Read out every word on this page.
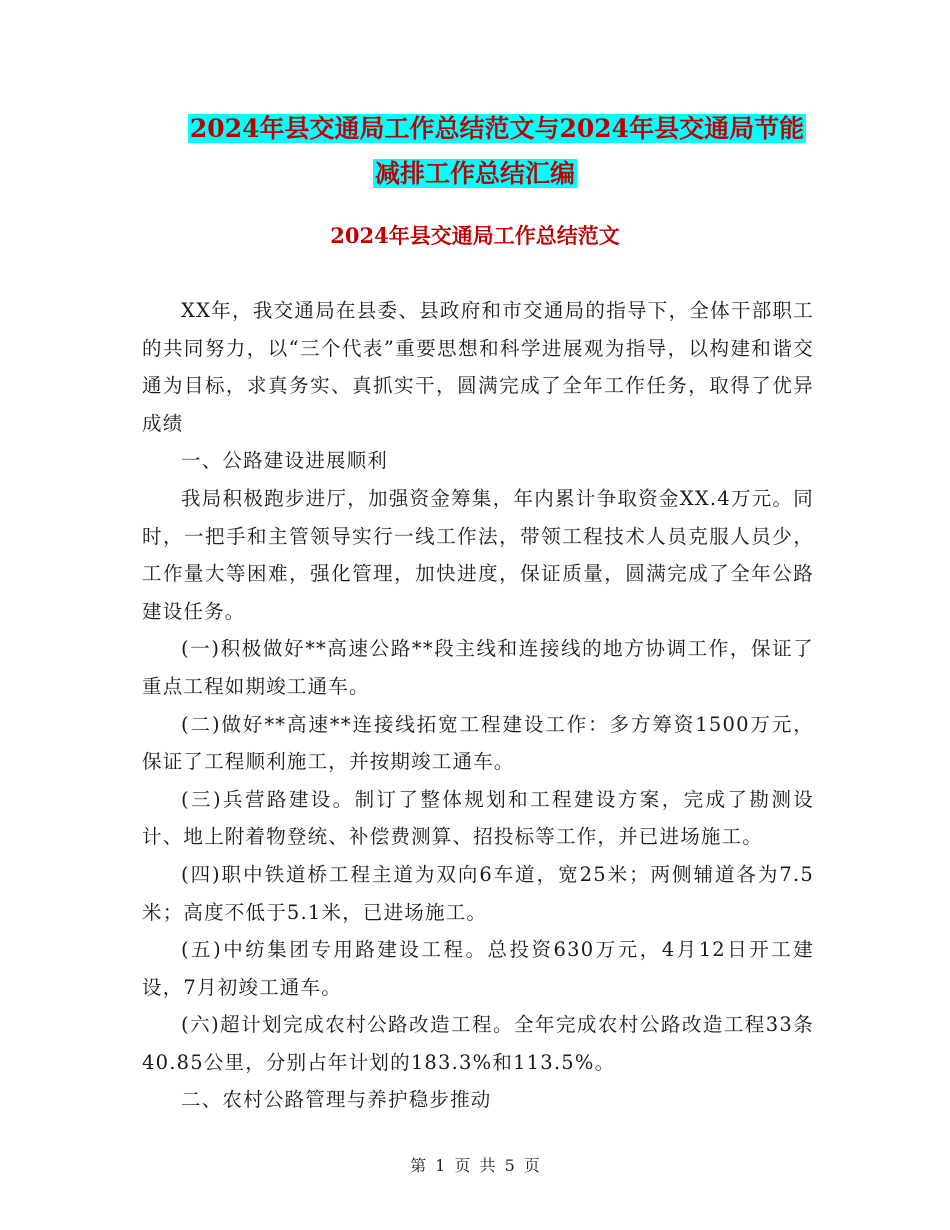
2024年县交通局工作总结范文与2024年县交通局节能
减排工作总结汇编
2024年县交通局工作总结范文

XX年，我交通局在县委、县政府和市交通局的指导下，全体干部职工的共同努力，以“三个代表”重要思想和科学进展观为指导，以构建和谐交通为目标，求真务实、真抓实干，圆满完成了全年工作任务，取得了优异成绩

一、公路建设进展顺利

我局积极跑步进厅，加强资金筹集，年内累计争取资金XX.4万元。同时，一把手和主管领导实行一线工作法，带领工程技术人员克服人员少，工作量大等困难，强化管理，加快进度，保证质量，圆满完成了全年公路建设任务。

(一)积极做好**高速公路**段主线和连接线的地方协调工作，保证了重点工程如期竣工通车。

(二)做好**高速**连接线拓宽工程建设工作：多方筹资1500万元，保证了工程顺利施工，并按期竣工通车。

(三)兵营路建设。制订了整体规划和工程建设方案，完成了勘测设计、地上附着物登统、补偿费测算、招投标等工作，并已进场施工。

(四)职中铁道桥工程主道为双向6车道，宽25米；两侧辅道各为7.5米；高度不低于5.1米，已进场施工。

(五)中纺集团专用路建设工程。总投资630万元，4月12日开工建设，7月初竣工通车。

(六)超计划完成农村公路改造工程。全年完成农村公路改造工程33条40.85公里，分别占年计划的183.3%和113.5%。

二、农村公路管理与养护稳步推动

第 1 页 共 5 页
